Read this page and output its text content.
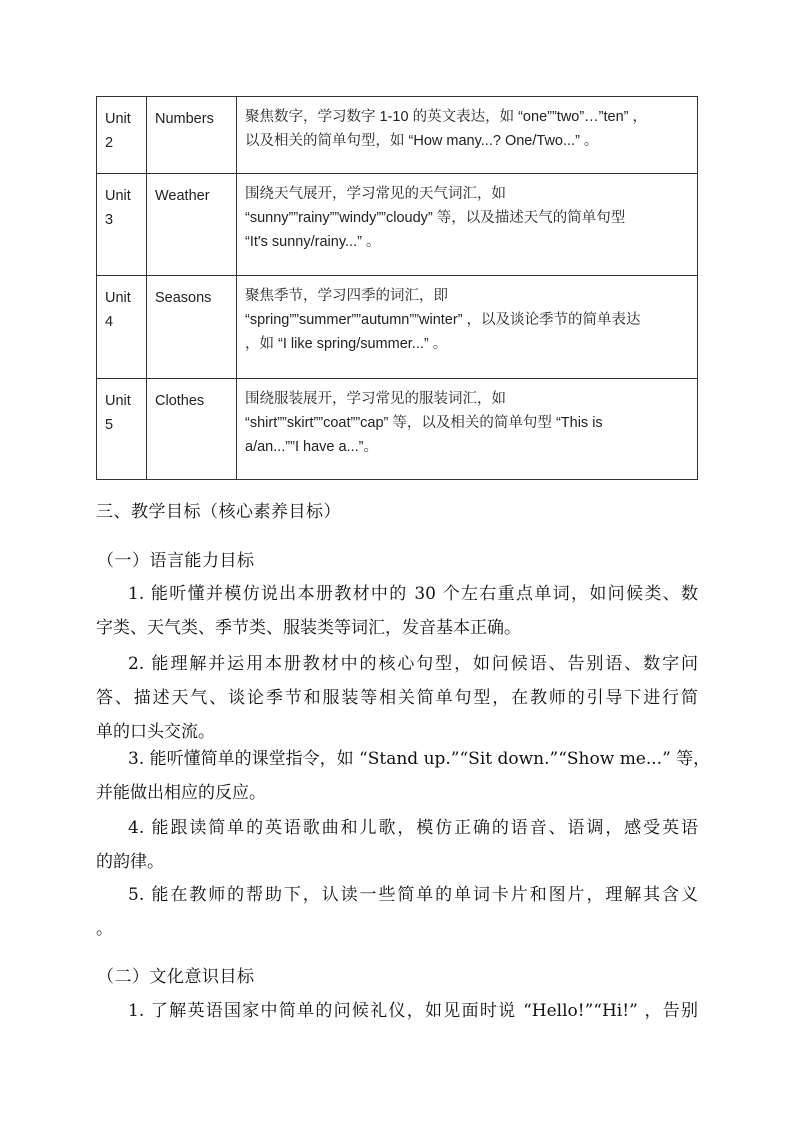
Unit
2	Numbers	聚焦数字，学习数字 1-10 的英文表达，如 “one””two”…”ten” ，
以及相关的简单句型，如 “How many...? One/Two...” 。

Unit
3	Weather	围绕天气展开，学习常见的天气词汇，如
“sunny””rainy””windy””cloudy” 等，以及描述天气的简单句型
“It's sunny/rainy...” 。

Unit
4	Seasons	聚焦季节，学习四季的词汇，即
“spring””summer””autumn””winter” ，以及谈论季节的简单表达
，如 “I like spring/summer...” 。

Unit
5	Clothes	围绕服装展开，学习常见的服装词汇，如
“shirt””skirt””coat””cap” 等，以及相关的简单句型 “This is
a/an...””I have a...”。
三、教学目标（核心素养目标）
（一）语言能力目标
1. 能听懂并模仿说出本册教材中的 30 个左右重点单词，如问候类、数
字类、天气类、季节类、服装类等词汇，发音基本正确。
2. 能理解并运用本册教材中的核心句型，如问候语、告别语、数字问
答、描述天气、谈论季节和服装等相关简单句型，在教师的引导下进行简
单的口头交流。
3. 能听懂简单的课堂指令，如 “Stand up.”“Sit down.”“Show me...” 等，
并能做出相应的反应。
4. 能跟读简单的英语歌曲和儿歌，模仿正确的语音、语调，感受英语
的韵律。
5. 能在教师的帮助下，认读一些简单的单词卡片和图片，理解其含义
。
（二）文化意识目标
1. 了解英语国家中简单的问候礼仪，如见面时说 “Hello!”“Hi!” ，告别
